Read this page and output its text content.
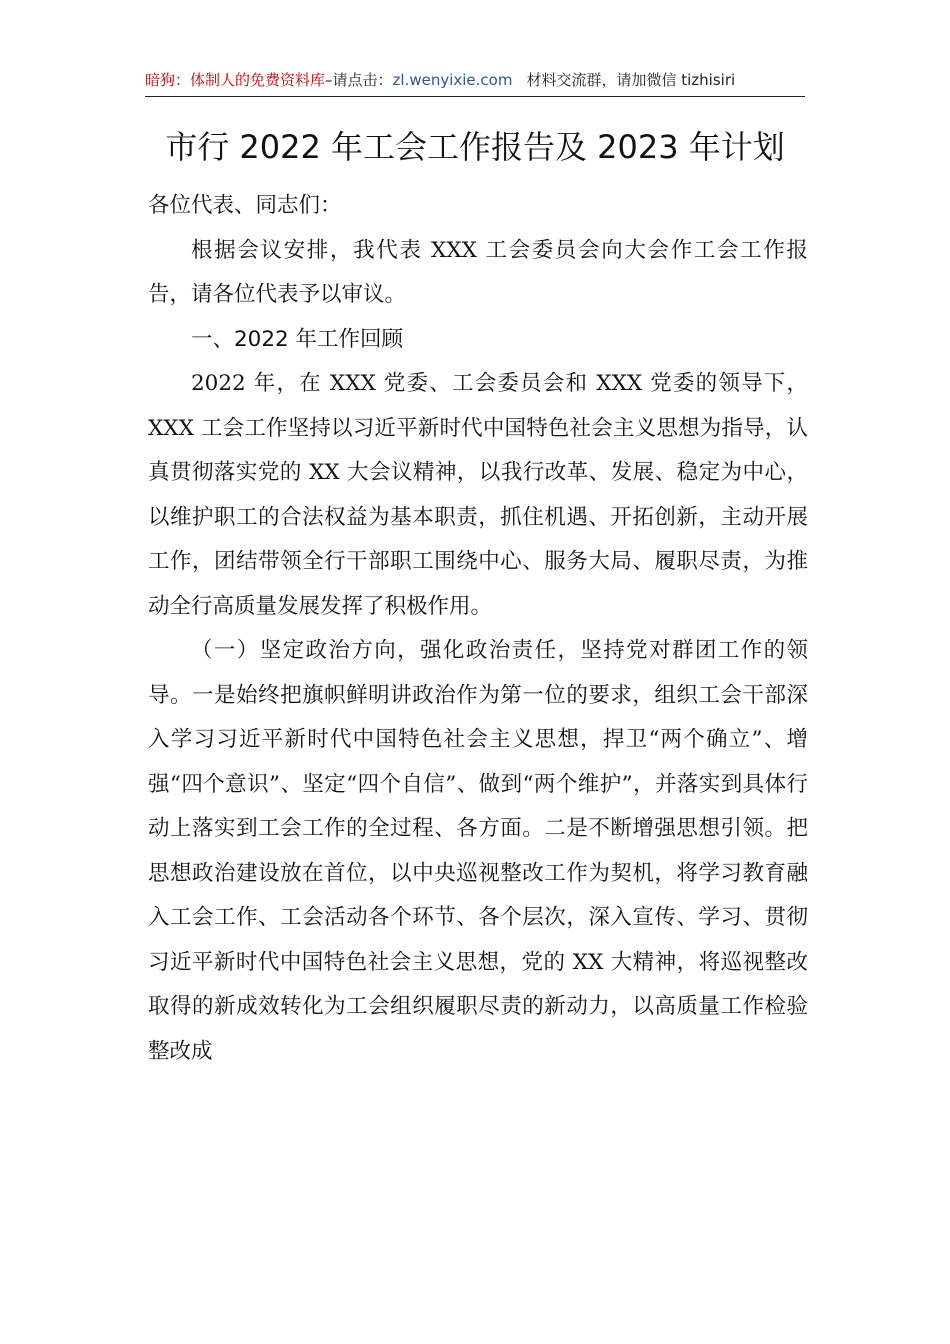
暗狗：体制人的免费资料库–请点击：zl.wenyixie.com 材料交流群，请加微信 tizhisiri
市行 2022 年工会工作报告及 2023 年计划

各位代表、同志们：

根据会议安排，我代表 XXX 工会委员会向大会作工会工作报告，请各位代表予以审议。

一、2022 年工作回顾

2022 年，在 XXX 党委、工会委员会和 XXX 党委的领导下，XXX 工会工作坚持以习近平新时代中国特色社会主义思想为指导，认真贯彻落实党的 XX 大会议精神，以我行改革、发展、稳定为中心，以维护职工的合法权益为基本职责，抓住机遇、开拓创新，主动开展工作，团结带领全行干部职工围绕中心、服务大局、履职尽责，为推动全行高质量发展发挥了积极作用。

（一）坚定政治方向，强化政治责任，坚持党对群团工作的领导。一是始终把旗帜鲜明讲政治作为第一位的要求，组织工会干部深入学习习近平新时代中国特色社会主义思想，捍卫“两个确立”、增强“四个意识”、坚定“四个自信”、做到“两个维护”，并落实到具体行动上落实到工会工作的全过程、各方面。二是不断增强思想引领。把思想政治建设放在首位，以中央巡视整改工作为契机，将学习教育融入工会工作、工会活动各个环节、各个层次，深入宣传、学习、贯彻习近平新时代中国特色社会主义思想，党的 XX 大精神，将巡视整改取得的新成效转化为工会组织履职尽责的新动力，以高质量工作检验整改成
